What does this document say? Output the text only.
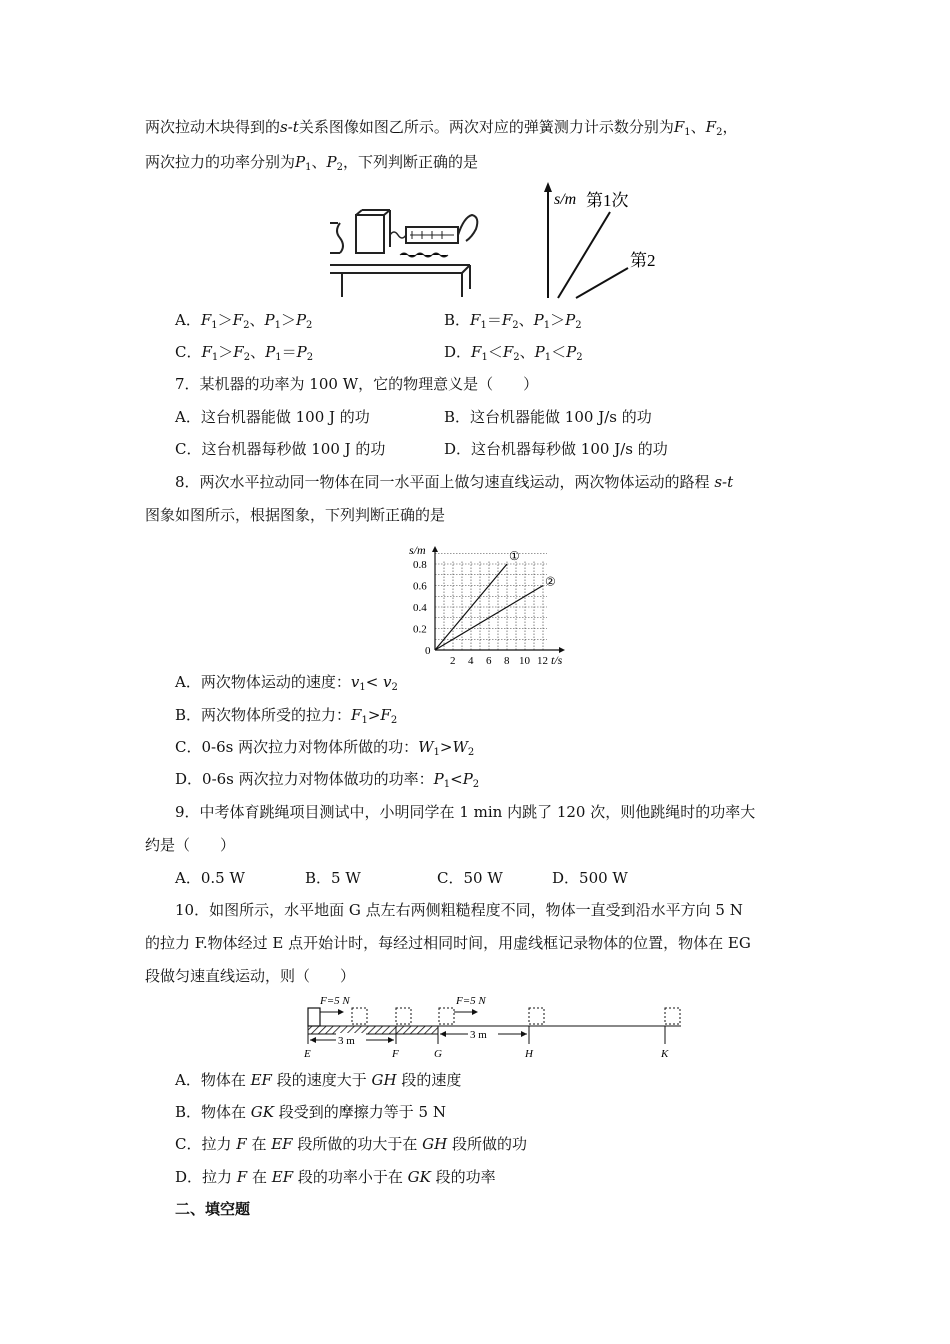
两次拉动木块得到的s-t关系图像如图乙所示。两次对应的弹簧测力计示数分别为$F_1$、$F_2$，
两次拉力的功率分别为$P_1$、$P_2$，下列判断正确的是
s/m 第1次
第2
A．$F_1>F_2$、$P_1>P_2$	B．$F_1=F_2$、$P_1>P_2$
C．$F_1>F_2$、$P_1=P_2$	D．$F_1<F_2$、$P_1<P_2$
7．某机器的功率为 100 W，它的物理意义是（　　）
A．这台机器能做 100 J 的功	B．这台机器能做 100 J/s 的功
C．这台机器每秒做 100 J 的功	D．这台机器每秒做 100 J/s 的功
8．两次水平拉动同一物体在同一水平面上做匀速直线运动，两次物体运动的路程 s-t
图象如图所示，根据图象，下列判断正确的是
s/m
t/s
0
2 4 6 8 10 12
0.2
0.4
0.6
0.8
①
②
A．两次物体运动的速度：$v_1< v_2$
B．两次物体所受的拉力：$F_1>F_2$
C．0-6s 两次拉力对物体所做的功：$W_1>W_2$
D．0-6s 两次拉力对物体做功的功率：$P_1<P_2$
9．中考体育跳绳项目测试中，小明同学在 1 min 内跳了 120 次，则他跳绳时的功率大
约是（　　）
A．0.5 W	B．5 W	C．50 W	D．500 W
10．如图所示，水平地面 G 点左右两侧粗糙程度不同，物体一直受到沿水平方向 5 N
的拉力 F.物体经过 E 点开始计时，每经过相同时间，用虚线框记录物体的位置，物体在 EG
段做匀速直线运动，则（　　）
F=5 N	F=5 N
3 m	3 m
E	F	G	H	K
A．物体在 EF 段的速度大于 GH 段的速度
B．物体在 GK 段受到的摩擦力等于 5 N
C．拉力 F 在 EF 段所做的功大于在 GH 段所做的功
D．拉力 F 在 EF 段的功率小于在 GK 段的功率
二、填空题
